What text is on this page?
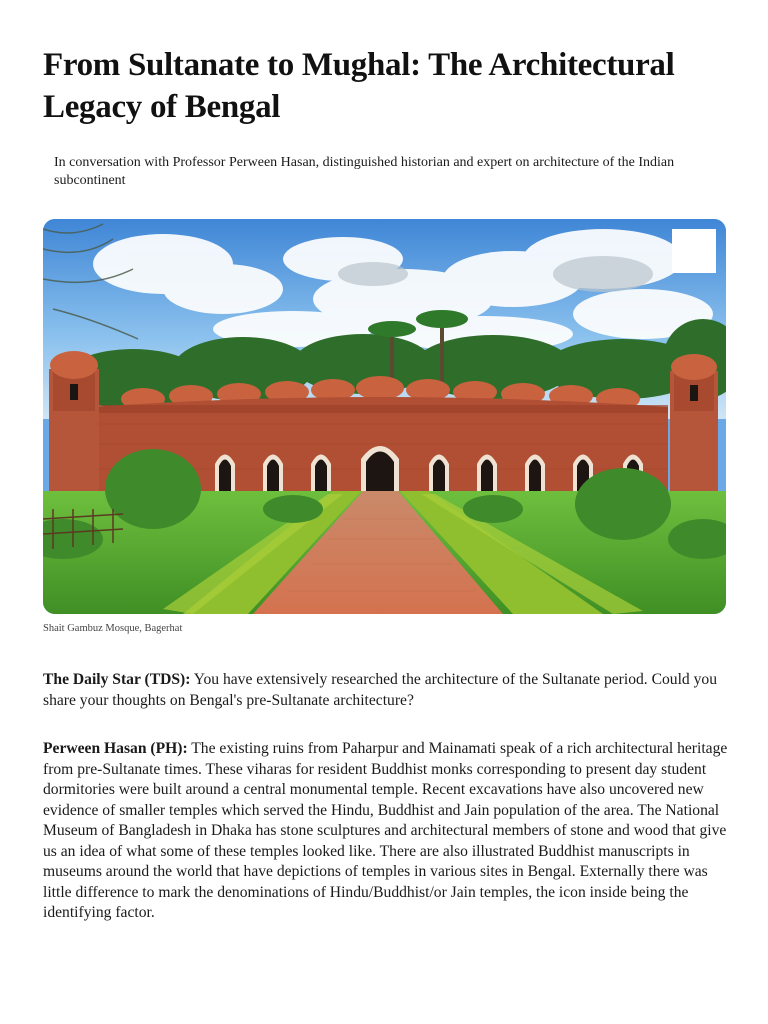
From Sultanate to Mughal: The Architectural Legacy of Bengal

In conversation with Professor Perween Hasan, distinguished historian and expert on architecture of the Indian subcontinent

Shait Gambuz Mosque, Bagerhat

The Daily Star (TDS): You have extensively researched the architecture of the Sultanate period. Could you share your thoughts on Bengal's pre-Sultanate architecture?

Perween Hasan (PH): The existing ruins from Paharpur and Mainamati speak of a rich architectural heritage from pre-Sultanate times. These viharas for resident Buddhist monks corresponding to present day student dormitories were built around a central monumental temple. Recent excavations have also uncovered new evidence of smaller temples which served the Hindu, Buddhist and Jain population of the area. The National Museum of Bangladesh in Dhaka has stone sculptures and architectural members of stone and wood that give us an idea of what some of these temples looked like. There are also illustrated Buddhist manuscripts in museums around the world that have depictions of temples in various sites in Bengal. Externally there was little difference to mark the denominations of Hindu/Buddhist/or Jain temples, the icon inside being the identifying factor.
